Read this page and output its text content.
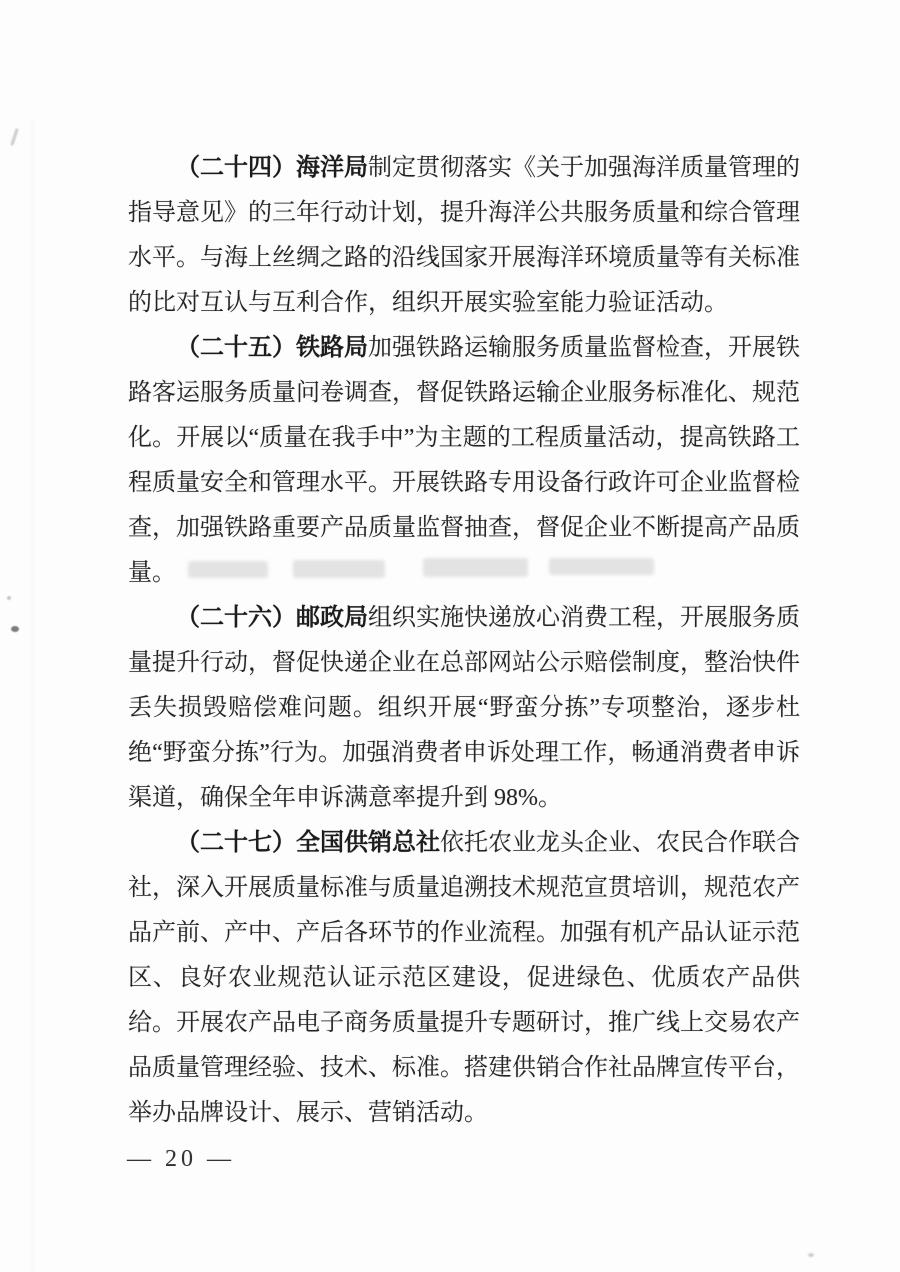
（二十四）海洋局制定贯彻落实《关于加强海洋质量管理的指导意见》的三年行动计划，提升海洋公共服务质量和综合管理水平。与海上丝绸之路的沿线国家开展海洋环境质量等有关标准的比对互认与互利合作，组织开展实验室能力验证活动。

（二十五）铁路局加强铁路运输服务质量监督检查，开展铁路客运服务质量问卷调查，督促铁路运输企业服务标准化、规范化。开展以“质量在我手中”为主题的工程质量活动，提高铁路工程质量安全和管理水平。开展铁路专用设备行政许可企业监督检查，加强铁路重要产品质量监督抽查，督促企业不断提高产品质量。

（二十六）邮政局组织实施快递放心消费工程，开展服务质量提升行动，督促快递企业在总部网站公示赔偿制度，整治快件丢失损毁赔偿难问题。组织开展“野蛮分拣”专项整治，逐步杜绝“野蛮分拣”行为。加强消费者申诉处理工作，畅通消费者申诉渠道，确保全年申诉满意率提升到 98%。

（二十七）全国供销总社依托农业龙头企业、农民合作联合社，深入开展质量标准与质量追溯技术规范宣贯培训，规范农产品产前、产中、产后各环节的作业流程。加强有机产品认证示范区、良好农业规范认证示范区建设，促进绿色、优质农产品供给。开展农产品电子商务质量提升专题研讨，推广线上交易农产品质量管理经验、技术、标准。搭建供销合作社品牌宣传平台，举办品牌设计、展示、营销活动。

— 20 —
